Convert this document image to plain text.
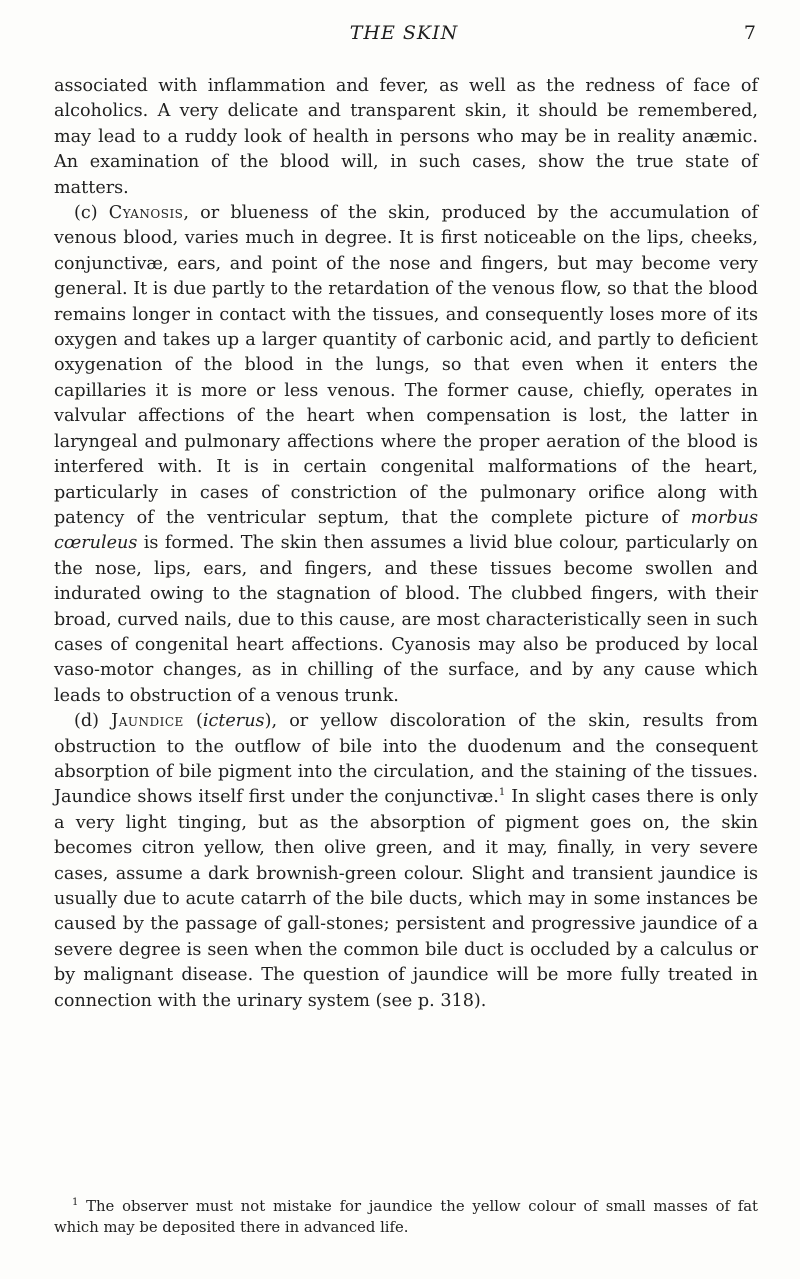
THE SKIN	7

associated with inflammation and fever, as well as the redness of face of alcoholics. A very delicate and transparent skin, it should be remembered, may lead to a ruddy look of health in persons who may be in reality anæmic. An examination of the blood will, in such cases, show the true state of matters.

(c) Cyanosis, or blueness of the skin, produced by the accumulation of venous blood, varies much in degree. It is first noticeable on the lips, cheeks, conjunctivæ, ears, and point of the nose and fingers, but may become very general. It is due partly to the retardation of the venous flow, so that the blood remains longer in contact with the tissues, and consequently loses more of its oxygen and takes up a larger quantity of carbonic acid, and partly to deficient oxygenation of the blood in the lungs, so that even when it enters the capillaries it is more or less venous. The former cause, chiefly, operates in valvular affections of the heart when compensation is lost, the latter in laryngeal and pulmonary affections where the proper aeration of the blood is interfered with. It is in certain congenital malformations of the heart, particularly in cases of constriction of the pulmonary orifice along with patency of the ventricular septum, that the complete picture of morbus cœruleus is formed. The skin then assumes a livid blue colour, particularly on the nose, lips, ears, and fingers, and these tissues become swollen and indurated owing to the stagnation of blood. The clubbed fingers, with their broad, curved nails, due to this cause, are most characteristically seen in such cases of congenital heart affections. Cyanosis may also be produced by local vaso-motor changes, as in chilling of the surface, and by any cause which leads to obstruction of a venous trunk.

(d) Jaundice (icterus), or yellow discoloration of the skin, results from obstruction to the outflow of bile into the duodenum and the consequent absorption of bile pigment into the circulation, and the staining of the tissues. Jaundice shows itself first under the conjunctivæ.$^1$ In slight cases there is only a very light tinging, but as the absorption of pigment goes on, the skin becomes citron yellow, then olive green, and it may, finally, in very severe cases, assume a dark brownish-green colour. Slight and transient jaundice is usually due to acute catarrh of the bile ducts, which may in some instances be caused by the passage of gall-stones; persistent and progressive jaundice of a severe degree is seen when the common bile duct is occluded by a calculus or by malignant disease. The question of jaundice will be more fully treated in connection with the urinary system (see p. 318).

$^1$ The observer must not mistake for jaundice the yellow colour of small masses of fat which may be deposited there in advanced life.
